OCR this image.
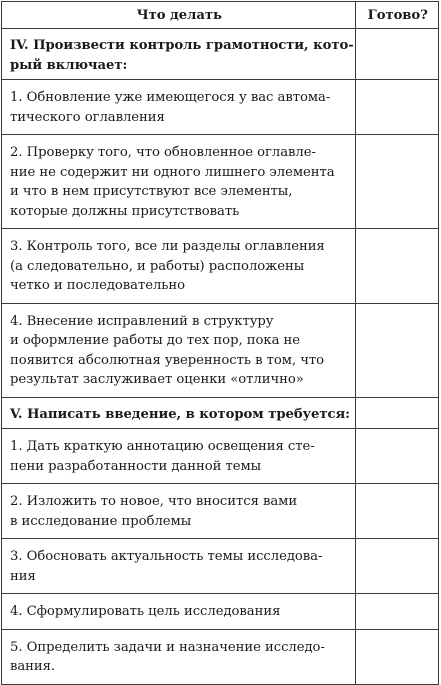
Что делать	Готово?

IV. Произвести контроль грамотности, кото-
рый включает:	

1. Обновление уже имеющегося у вас автома-
тического оглавления	

2. Проверку того, что обновленное оглавле-
ние не содержит ни одного лишнего элемента
и что в нем присутствуют все элементы,
которые должны присутствовать	

3. Контроль того, все ли разделы оглавления
(а следовательно, и работы) расположены
четко и последовательно	

4. Внесение исправлений в структуру
и оформление работы до тех пор, пока не
появится абсолютная уверенность в том, что
результат заслуживает оценки «отлично»	

V. Написать введение, в котором требуется:	

1. Дать краткую аннотацию освещения сте-
пени разработанности данной темы	

2. Изложить то новое, что вносится вами
в исследование проблемы	

3. Обосновать актуальность темы исследова-
ния	

4. Сформулировать цель исследования	

5. Определить задачи и назначение исследо-
вания.	
